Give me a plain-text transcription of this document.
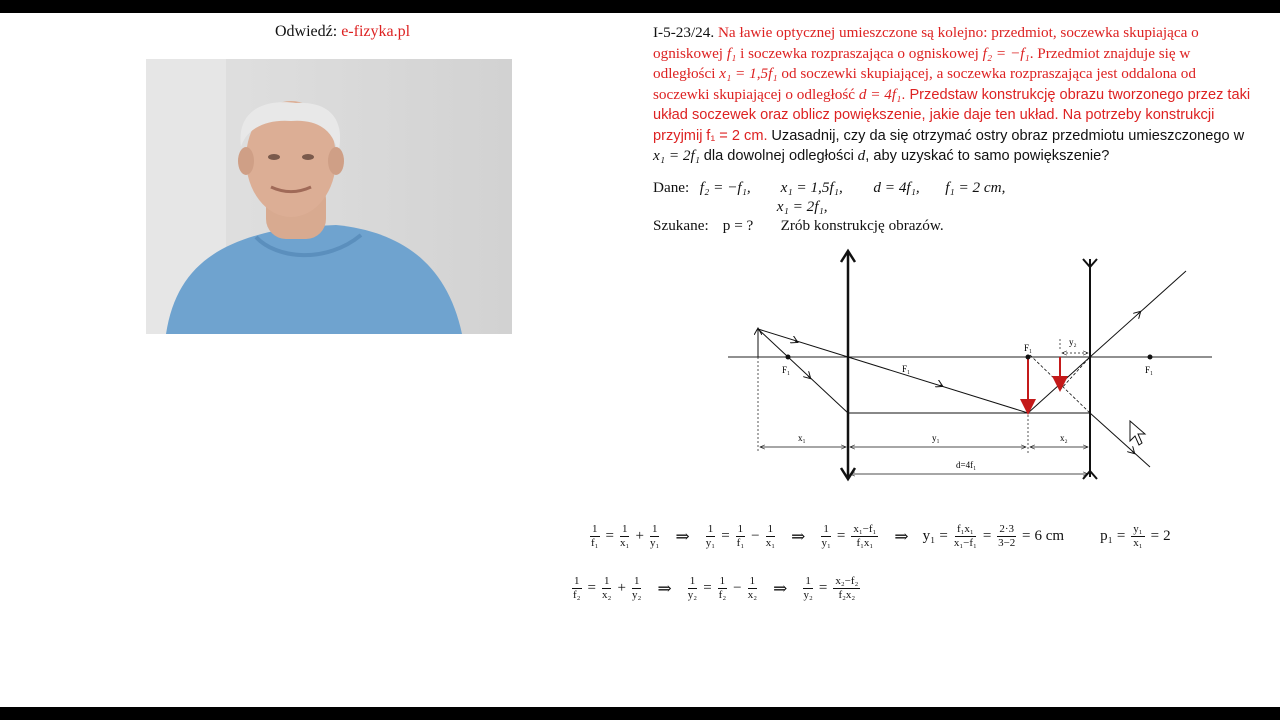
Odwiedź: e-fizyka.pl	I-5-23/24. Na ławie optycznej umieszczone są kolejno: przedmiot, soczewka skupiająca o ogniskowej f₁ i soczewka rozpraszająca o ogniskowej f₂ = −f₁. Przedmiot znajduje się w odległości x₁ = 1,5f₁ od soczewki skupiającej, a soczewka rozpraszająca jest oddalona od soczewki skupiającej o odległość d = 4f₁. Przedstaw konstrukcję obrazu tworzonego przez taki układ soczewek oraz oblicz powiększenie, jakie daje ten układ. Na potrzeby konstrukcji przyjmij f₁ = 2 cm. Uzasadnij, czy da się otrzymać ostry obraz przedmiotu umieszczonego w x₁ = 2f₁ dla dowolnej odległości d, aby uzyskać to samo powiększenie?
Dane: f₂ = −f₁, x₁ = 1,5f₁, d = 4f₁, f₁ = 2 cm,
x₁ = 2f₁,
Szukane: p = ? Zrób konstrukcję obrazów.
F₁	F₁
F₁
F₁
y₂
x₁	y₁	x₂
d=4f₁
$\frac{1}{\text{f₁}} = \frac{1}{\text{x₁}} + \frac{1}{\text{y₁}}$ ⇒ $\frac{1}{\text{y₁}} = \frac{1}{\text{f₁}} - \frac{1}{\text{x₁}}$ ⇒ $\frac{1}{\text{y₁}} = \frac{\text{x₁−f₁}}{\text{f₁x₁}}$ ⇒ $y_1 = \frac{\text{f₁x₁}}{\text{x₁−f₁}} = \frac{2\cdot 3}{3-2} = 6$ cm $p_1 = \frac{\text{y₁}}{\text{x₁}} = 2$
$\frac{1}{\text{f₂}} = \frac{1}{\text{x₂}} + \frac{1}{\text{y₂}}$ ⇒ $\frac{1}{\text{y₂}} = \frac{1}{\text{f₂}} - \frac{1}{\text{x₂}}$ ⇒ $\frac{1}{\text{y₂}} = \frac{\text{x₂−f₂}}{\text{f₂x₂}}$
